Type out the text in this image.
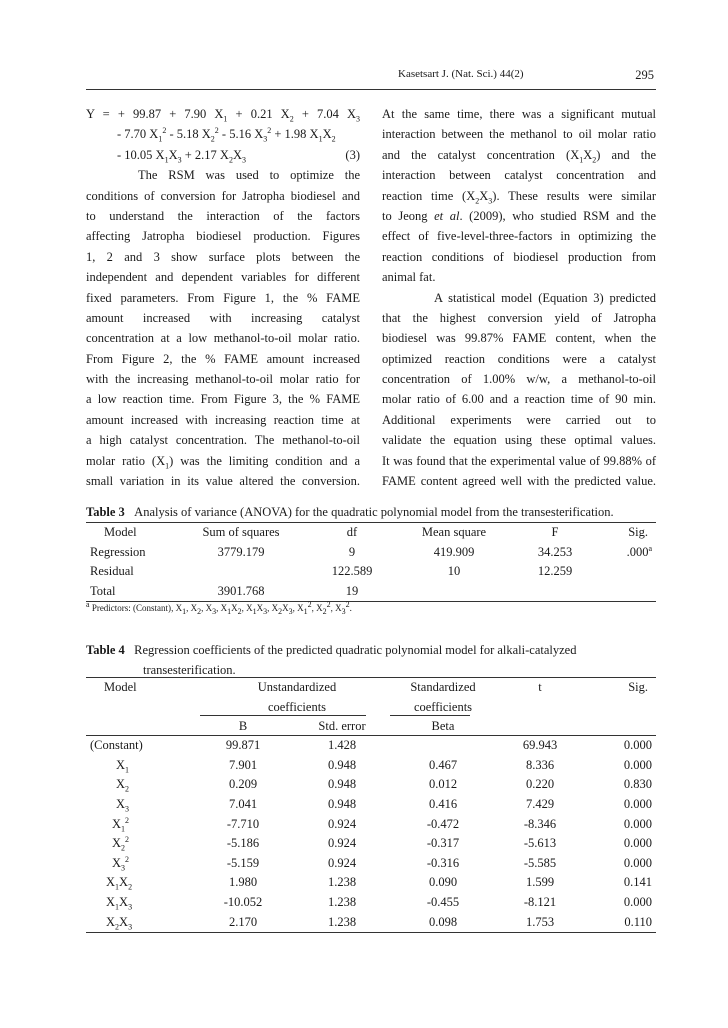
Kasetsart J. (Nat. Sci.) 44(2)	295
Y = + 99.87 + 7.90 $X_1 + 0.21$ $X_2 + 7.04$ $X_3$
- 7.70 $X_1^2 - 5.18$ $X_2^2 - 5.16$ $X_3^2 + 1.98$ $X_1X_2$
- 10.05 $X_1X_3 + 2.17$ $X_2X_3$	(3)
The RSM was used to optimize the
conditions of conversion for Jatropha biodiesel and
to understand the interaction of the factors
affecting Jatropha biodiesel production. Figures
1, 2 and 3 show surface plots between the
independent and dependent variables for different
fixed parameters. From Figure 1, the % FAME
amount increased with increasing catalyst
concentration at a low methanol-to-oil molar ratio.
From Figure 2, the % FAME amount increased
with the increasing methanol-to-oil molar ratio for
a low reaction time. From Figure 3, the % FAME
amount increased with increasing reaction time at
a high catalyst concentration. The methanol-to-oil
molar ratio $(X_1)$ was the limiting condition and a
small variation in its value altered the conversion.
At the same time, there was a significant mutual
interaction between the methanol to oil molar ratio
and the catalyst concentration $(X_1X_2)$ and the
interaction between catalyst concentration and
reaction time $(X_2X_3)$. These results were similar
to Jeong et al. (2009), who studied RSM and the
effect of five-level-three-factors in optimizing the
reaction conditions of biodiesel production from
animal fat.
A statistical model (Equation 3) predicted
that the highest conversion yield of Jatropha
biodiesel was 99.87% FAME content, when the
optimized reaction conditions were a catalyst
concentration of 1.00% w/w, a methanol-to-oil
molar ratio of 6.00 and a reaction time of 90 min.
Additional experiments were carried out to
validate the equation using these optimal values.
It was found that the experimental value of 99.88% of
FAME content agreed well with the predicted value.
Table 3 Analysis of variance (ANOVA) for the quadratic polynomial model from the transesterification.
Model	Sum of squares	df	Mean square	F	Sig.
Regression	3779.179	9	419.909	34.253	.000$^a$
Residual		122.589	10	12.259	
Total	3901.768	19			
$^a$ Predictors: (Constant), $X_1$, $X_2$, $X_3$, $X_1X_2$, $X_1X_3$, $X_2X_3$, $X_1^2$, $X_2^2$, $X_3^2$.
Table 4 Regression coefficients of the predicted quadratic polynomial model for alkali-catalyzed
transesterification.
Model	Unstandardized		Standardized	t	Sig.
	coefficients		coefficients		
	B	Std. error	Beta		
(Constant)	99.871	1.428		69.943	0.000
$X_1$	7.901	0.948	0.467	8.336	0.000
$X_2$	0.209	0.948	0.012	0.220	0.830
$X_3$	7.041	0.948	0.416	7.429	0.000
$X_1^2$	-7.710	0.924	-0.472	-8.346	0.000
$X_2^2$	-5.186	0.924	-0.317	-5.613	0.000
$X_3^2$	-5.159	0.924	-0.316	-5.585	0.000
$X_1X_2$	1.980	1.238	0.090	1.599	0.141
$X_1X_3$	-10.052	1.238	-0.455	-8.121	0.000
$X_2X_3$	2.170	1.238	0.098	1.753	0.110
